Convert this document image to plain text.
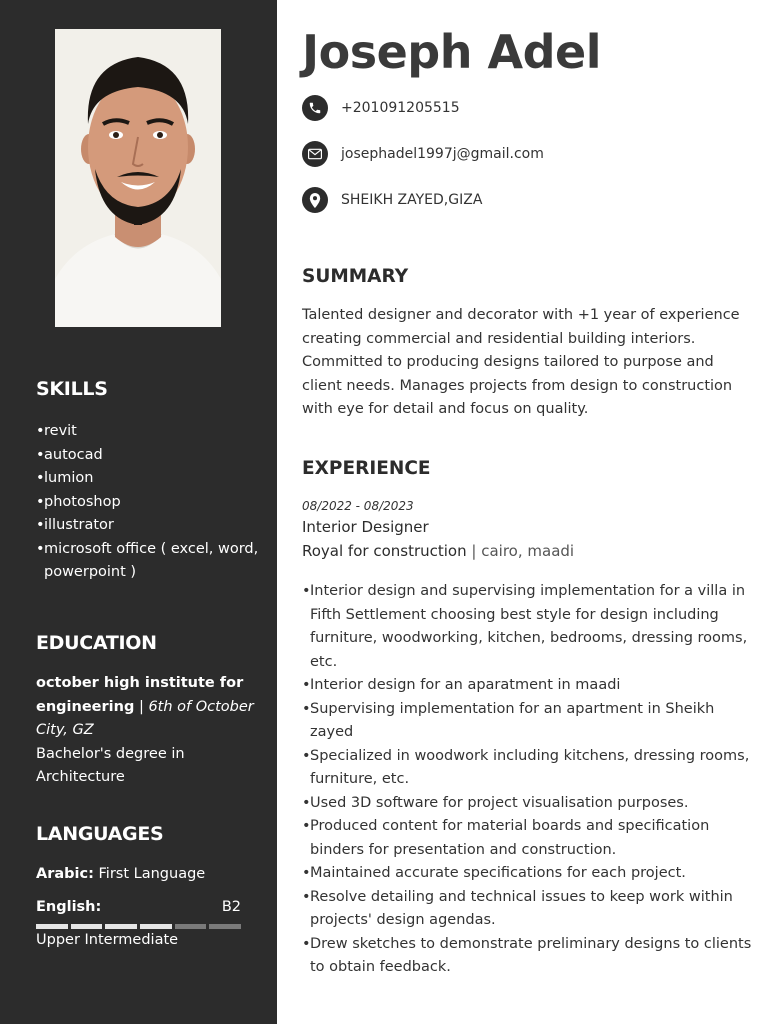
SKILLS
• revit
• autocad
• lumion
• photoshop
• illustrator
• microsoft office ( excel, word, powerpoint )
EDUCATION
october high institute for engineering | 6th of October City, GZ
Bachelor's degree in Architecture
LANGUAGES
Arabic: First Language
English:	B2
Upper Intermediate
Joseph Adel
+201091205515
josephadel1997j@gmail.com
SHEIKH ZAYED,GIZA
SUMMARY

Talented designer and decorator with +1 year of experience creating commercial and residential building interiors. Committed to producing designs tailored to purpose and client needs. Manages projects from design to construction with eye for detail and focus on quality.

EXPERIENCE
08/2022 - 08/2023
Interior Designer
Royal for construction | cairo, maadi
• Interior design and supervising implementation for a villa in Fifth Settlement choosing best style for design including furniture, woodworking, kitchen, bedrooms, dressing rooms, etc.
• Interior design for an aparatment in maadi
• Supervising implementation for an apartment in Sheikh zayed
• Specialized in woodwork including kitchens, dressing rooms, furniture, etc.
• Used 3D software for project visualisation purposes.
• Produced content for material boards and specification binders for presentation and construction.
• Maintained accurate specifications for each project.
• Resolve detailing and technical issues to keep work within projects' design agendas.
• Drew sketches to demonstrate preliminary designs to clients to obtain feedback.
